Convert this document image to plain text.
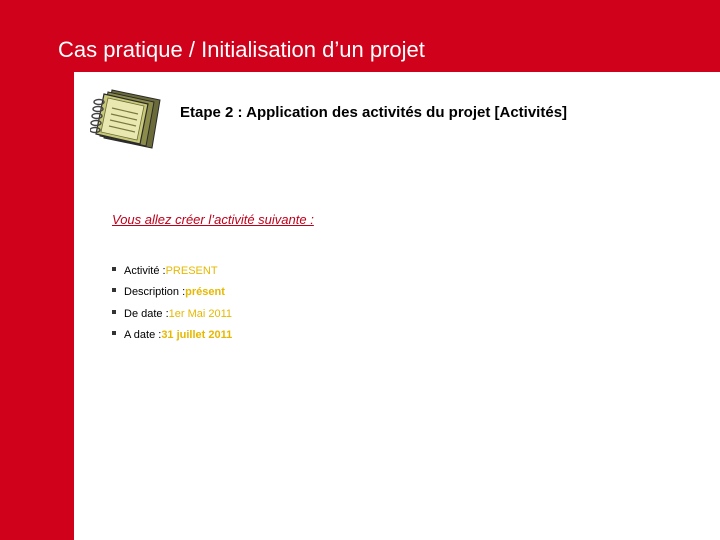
Cas pratique / Initialisation d’un projet
Etape 2 : Application des activités du projet [Activités]
Vous allez créer l’activité suivante :
Activité : PRESENT
Description : présent
De date : 1er Mai 2011
A date : 31 juillet 2011
